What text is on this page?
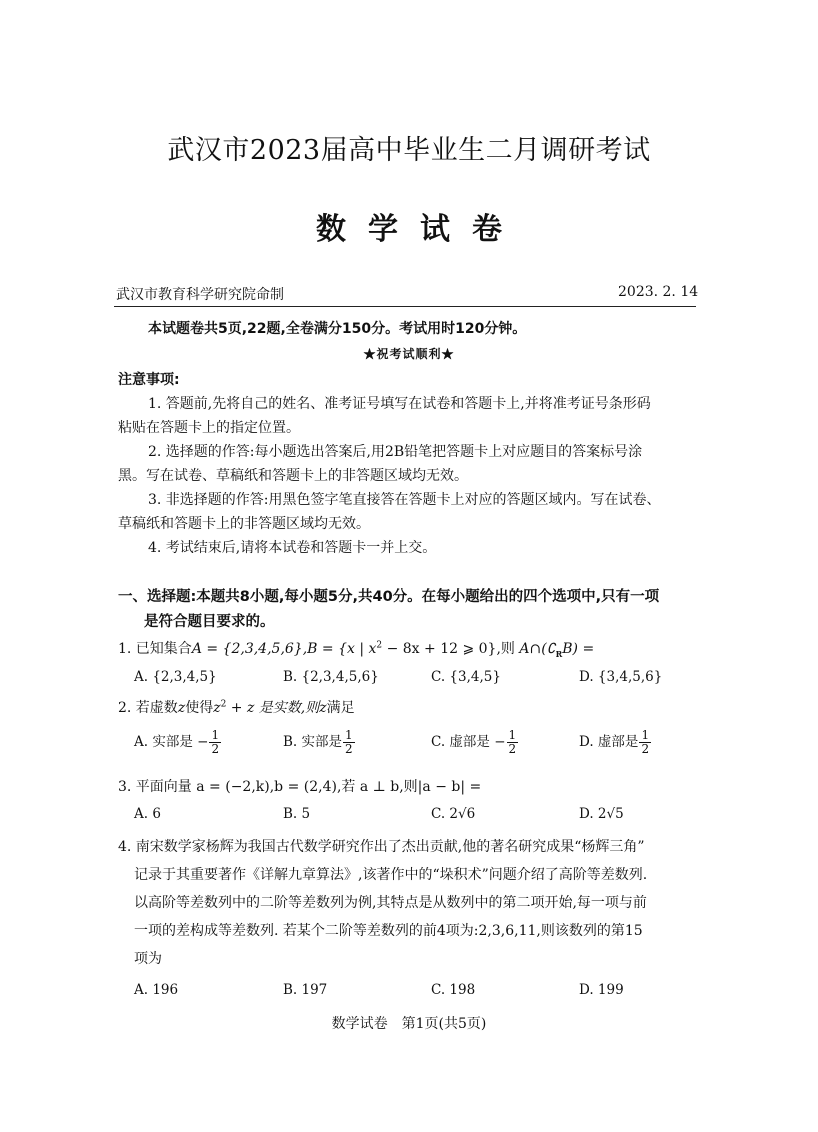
武汉市2023届高中毕业生二月调研考试
数学试卷
武汉市教育科学研究院命制	2023. 2. 14
本试题卷共5页,22题,全卷满分150分。考试用时120分钟。
★祝考试顺利★
注意事项:
1. 答题前,先将自己的姓名、准考证号填写在试卷和答题卡上,并将准考证号条形码
粘贴在答题卡上的指定位置。
2. 选择题的作答:每小题选出答案后,用2B铅笔把答题卡上对应题目的答案标号涂
黑。写在试卷、草稿纸和答题卡上的非答题区域均无效。
3. 非选择题的作答:用黑色签字笔直接答在答题卡上对应的答题区域内。写在试卷、
草稿纸和答题卡上的非答题区域均无效。
4. 考试结束后,请将本试卷和答题卡一并上交。
一、选择题:本题共8小题,每小题5分,共40分。在每小题给出的四个选项中,只有一项
是符合题目要求的。
1. 已知集合A = {2,3,4,5,6},B = {x | $x^2 - 8x + 12$ ⩾ 0},则 $A\cap(∁_RB)$ =
A. {2,3,4,5}	B. {2,3,4,5,6}	C. {3,4,5}	D. {3,4,5,6}
2. 若虚数z使得$z^2 + z$ 是实数,则z满足
A. 实部是 − $\frac{1}{2}$	B. 实部是 $\frac{1}{2}$	C. 虚部是 − $\frac{1}{2}$	D. 虚部是 $\frac{1}{2}$
3. 平面向量 a = (−2,k),b = (2,4),若 a ⊥ b,则|a − b| =
A. 6	B. 5	C. 2√6	D. 2√5
4. 南宋数学家杨辉为我国古代数学研究作出了杰出贡献,他的著名研究成果“杨辉三角”
记录于其重要著作《详解九章算法》,该著作中的“垛积术”问题介绍了高阶等差数列.
以高阶等差数列中的二阶等差数列为例,其特点是从数列中的第二项开始,每一项与前
一项的差构成等差数列. 若某个二阶等差数列的前4项为:2,3,6,11,则该数列的第15
项为
A. 196	B. 197	C. 198	D. 199
数学试卷　第1页(共5页)
